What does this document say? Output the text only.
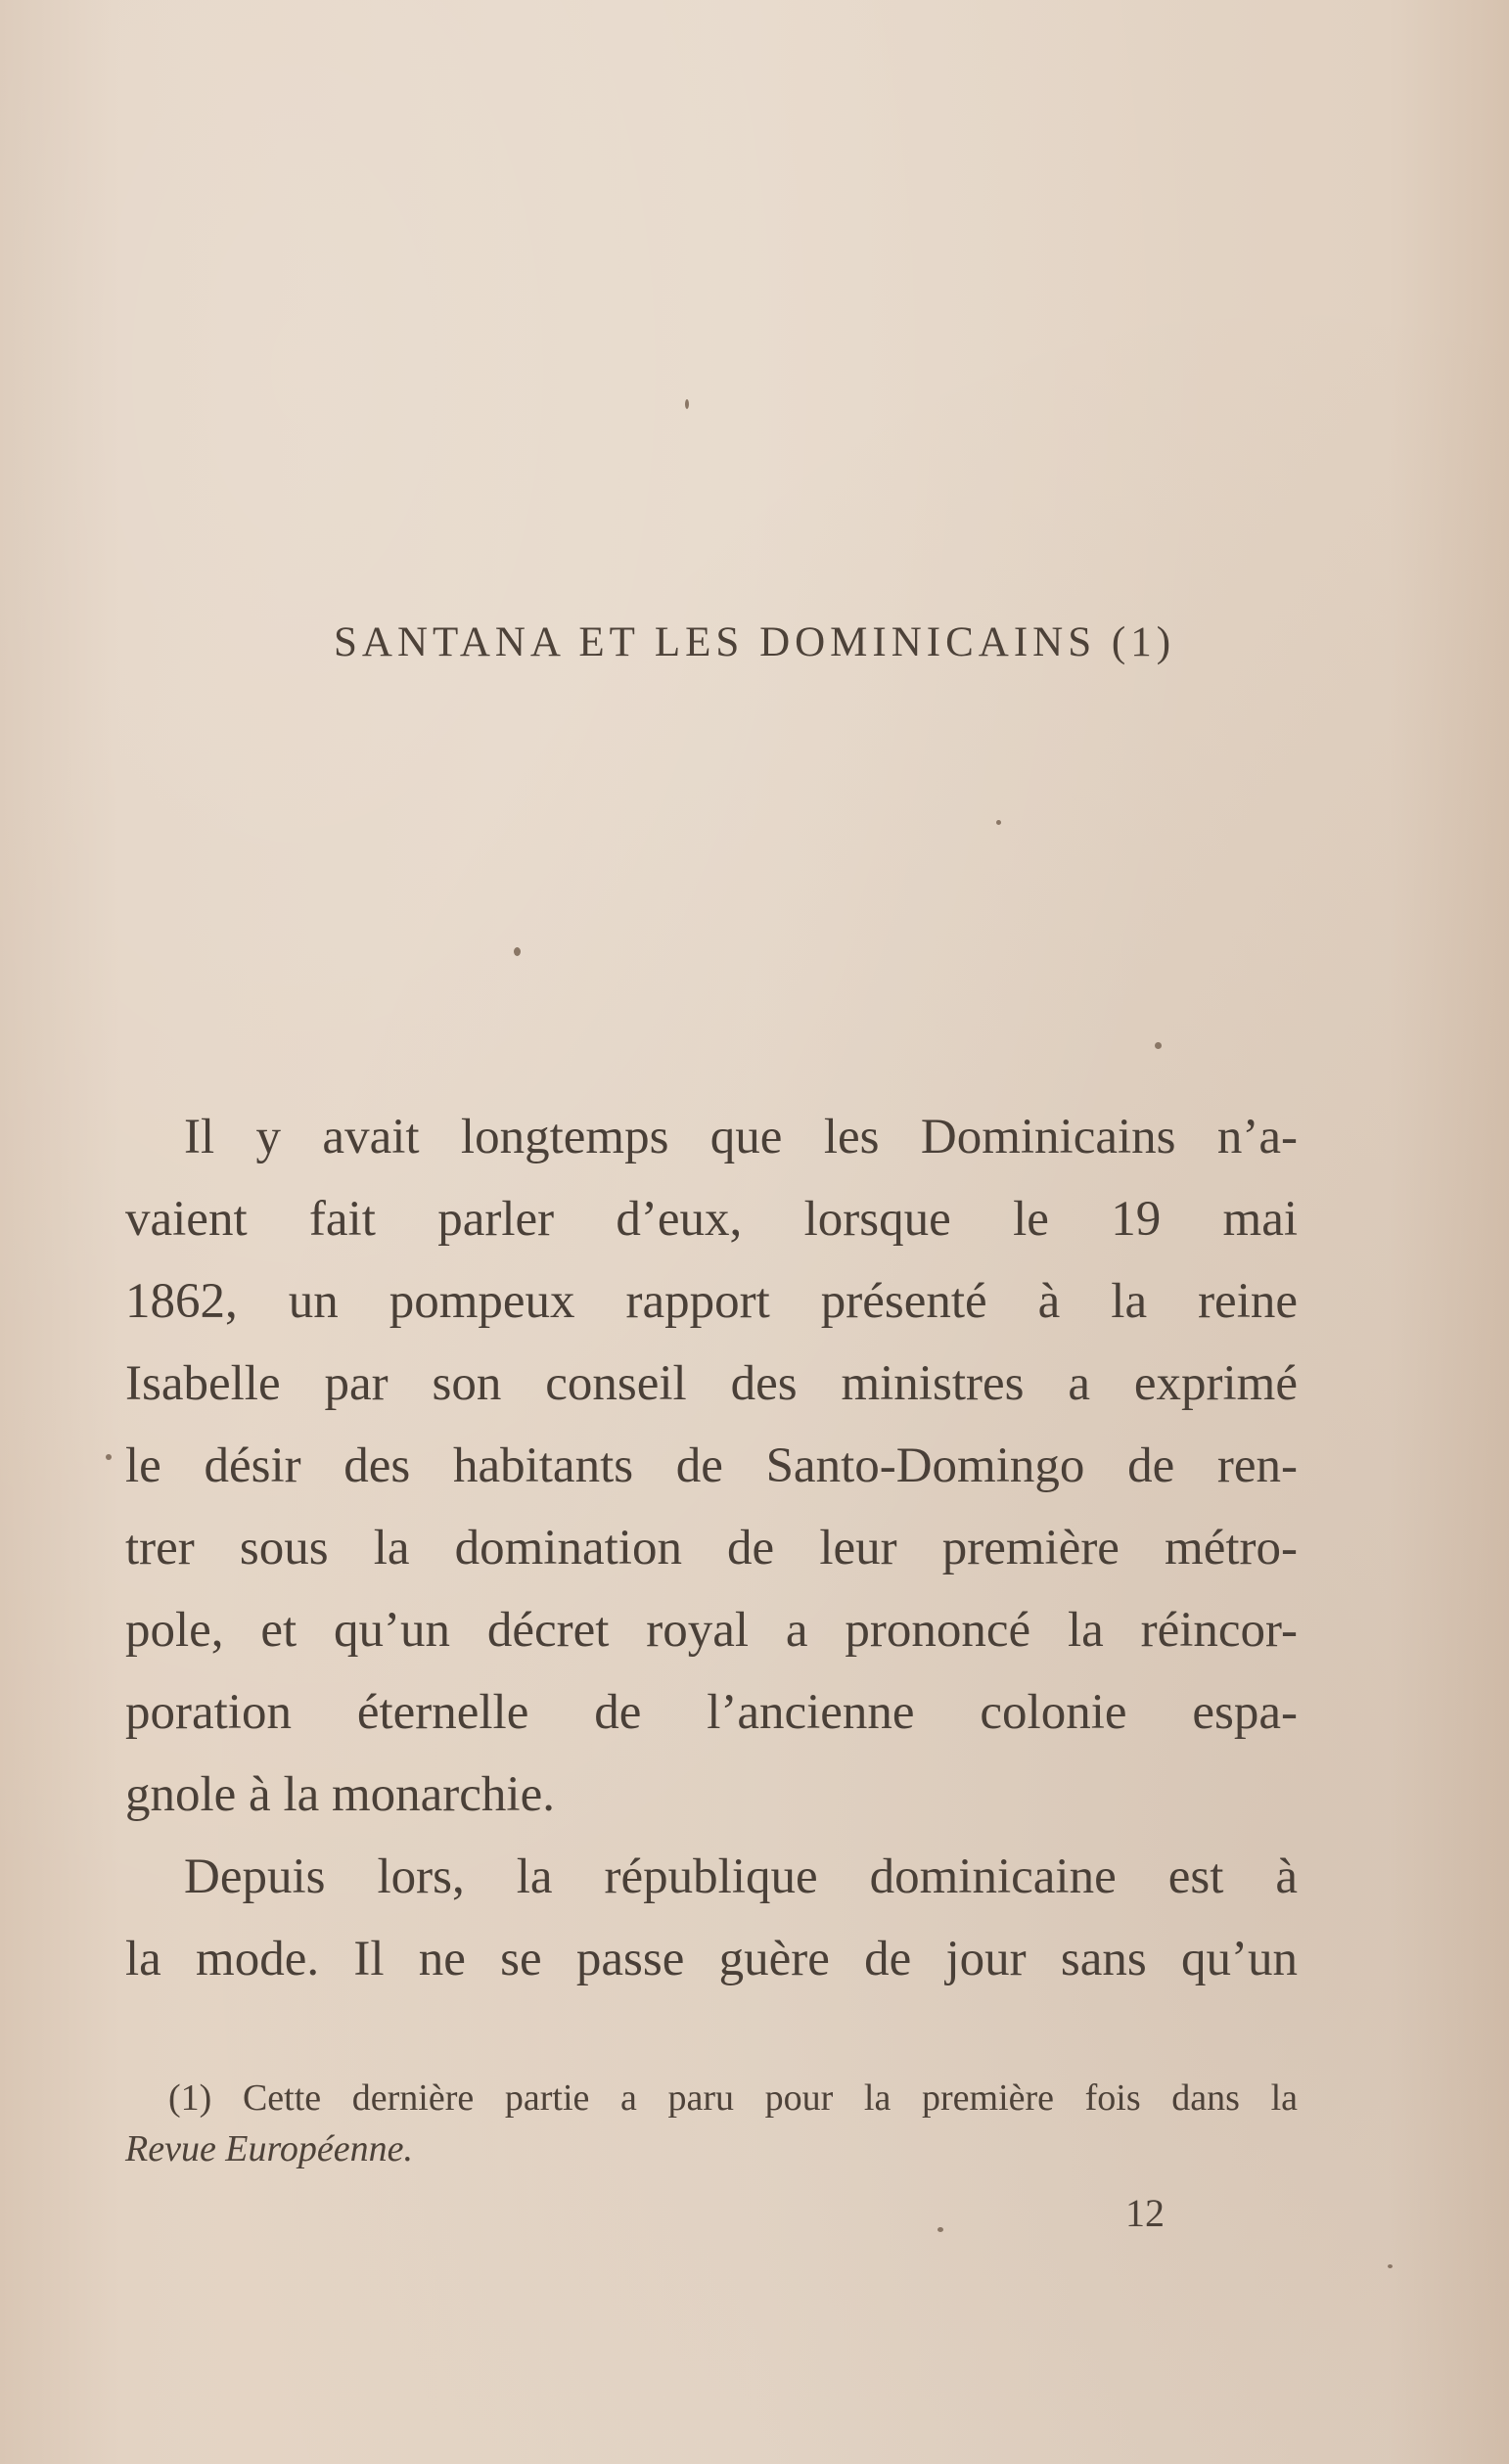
SANTANA ET LES DOMINICAINS (1)
Il y avait longtemps que les Dominicains n’a-
vaient fait parler d’eux, lorsque le 19 mai
1862, un pompeux rapport présenté à la reine
Isabelle par son conseil des ministres a exprimé
le désir des habitants de Santo-Domingo de ren-
trer sous la domination de leur première métro-
pole, et qu’un décret royal a prononcé la réincor-
poration éternelle de l’ancienne colonie espa-
gnole à la monarchie.
Depuis lors, la république dominicaine est à
la mode. Il ne se passe guère de jour sans qu’un
(1) Cette dernière partie a paru pour la première fois dans la
Revue Européenne.
12
